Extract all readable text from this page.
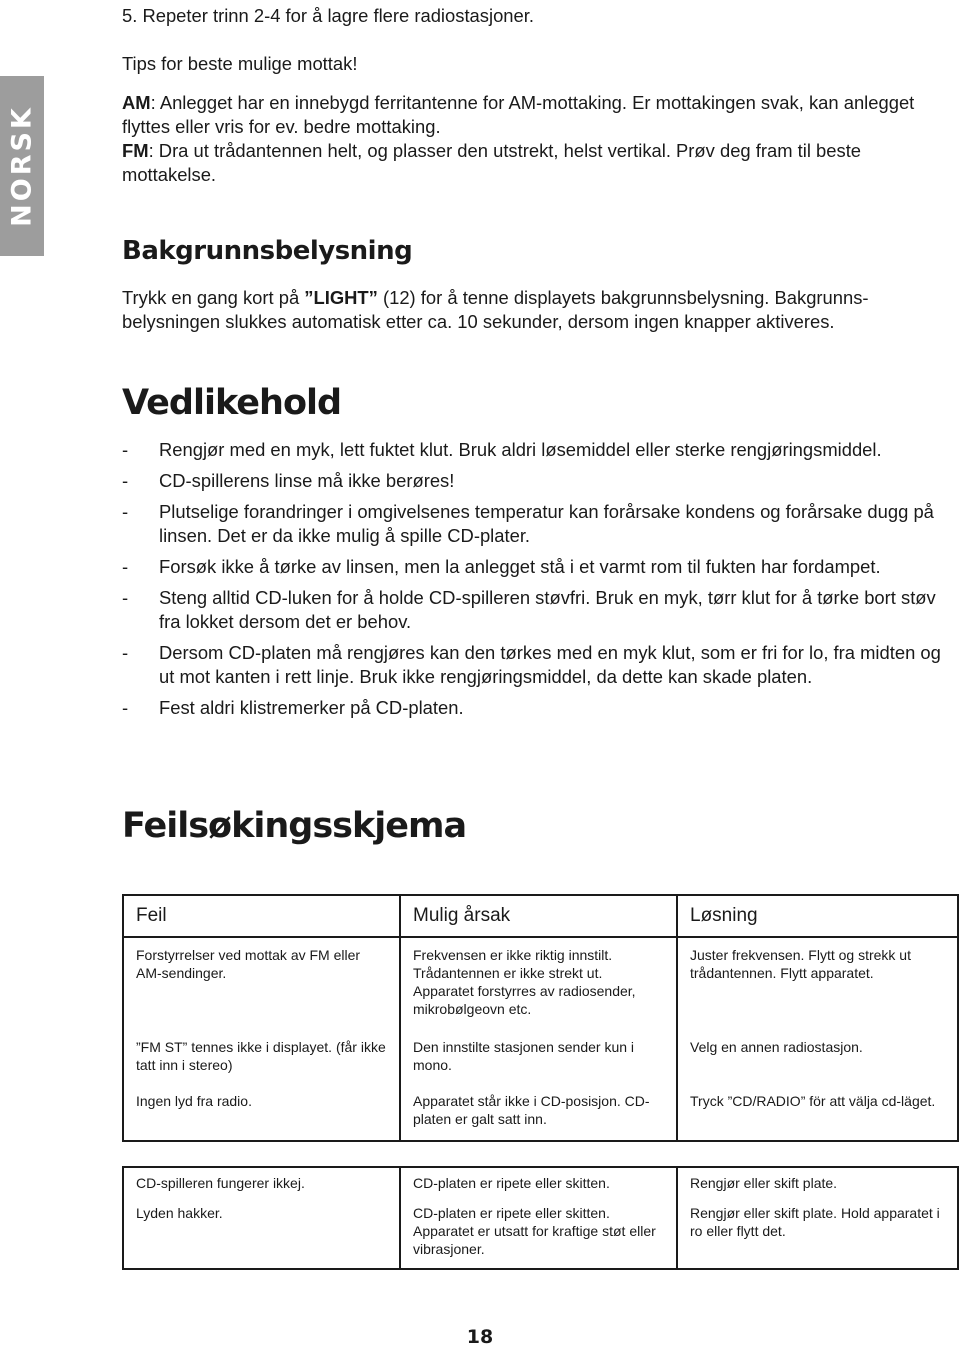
NORSK
5. Repeter trinn 2-4 for å lagre flere radiostasjoner.
Tips for beste mulige mottak!
AM: Anlegget har en innebygd ferritantenne for AM-mottaking. Er mottakingen svak, kan anlegget flyttes eller vris for ev. bedre mottaking.
FM: Dra ut trådantennen helt, og plasser den utstrekt, helst vertikal. Prøv deg fram til beste mottakelse.
Bakgrunnsbelysning
Trykk en gang kort på ”LIGHT” (12) for å tenne displayets bakgrunnsbelysning. Bakgrunns-belysningen slukkes automatisk etter ca. 10 sekunder, dersom ingen knapper aktiveres.
Vedlikehold
- Rengjør med en myk, lett fuktet klut. Bruk aldri løsemiddel eller sterke rengjøringsmiddel.
- CD-spillerens linse må ikke berøres!
- Plutselige forandringer i omgivelsenes temperatur kan forårsake kondens og forårsake dugg på linsen. Det er da ikke mulig å spille CD-plater.
- Forsøk ikke å tørke av linsen, men la anlegget stå i et varmt rom til fukten har fordampet.
- Steng alltid CD-luken for å holde CD-spilleren støvfri. Bruk en myk, tørr klut for å tørke bort støv fra lokket dersom det er behov.
- Dersom CD-platen må rengjøres kan den tørkes med en myk klut, som er fri for lo, fra midten og ut mot kanten i rett linje. Bruk ikke rengjøringsmiddel, da dette kan skade platen.
- Fest aldri klistremerker på CD-platen.
Feilsøkingsskjema
Feil	Mulig årsak	Løsning
Forstyrrelser ved mottak av FM eller AM-sendinger.	Frekvensen er ikke riktig innstilt. Trådantennen er ikke strekt ut. Apparatet forstyrres av radiosender, mikrobølgeovn etc.	Juster frekvensen. Flytt og strekk ut trådantennen. Flytt apparatet.
”FM ST” tennes ikke i displayet. (får ikke tatt inn i stereo)	Den innstilte stasjonen sender kun i mono.	Velg en annen radiostasjon.
Ingen lyd fra radio.	Apparatet står ikke i CD-posisjon. CD-platen er galt satt inn.	Tryck ”CD/RADIO” för att välja cd-läget.

CD-spilleren fungerer ikkej.	CD-platen er ripete eller skitten.	Rengjør eller skift plate.
Lyden hakker.	CD-platen er ripete eller skitten. Apparatet er utsatt for kraftige støt eller vibrasjoner.	Rengjør eller skift plate. Hold apparatet i ro eller flytt det.
18
